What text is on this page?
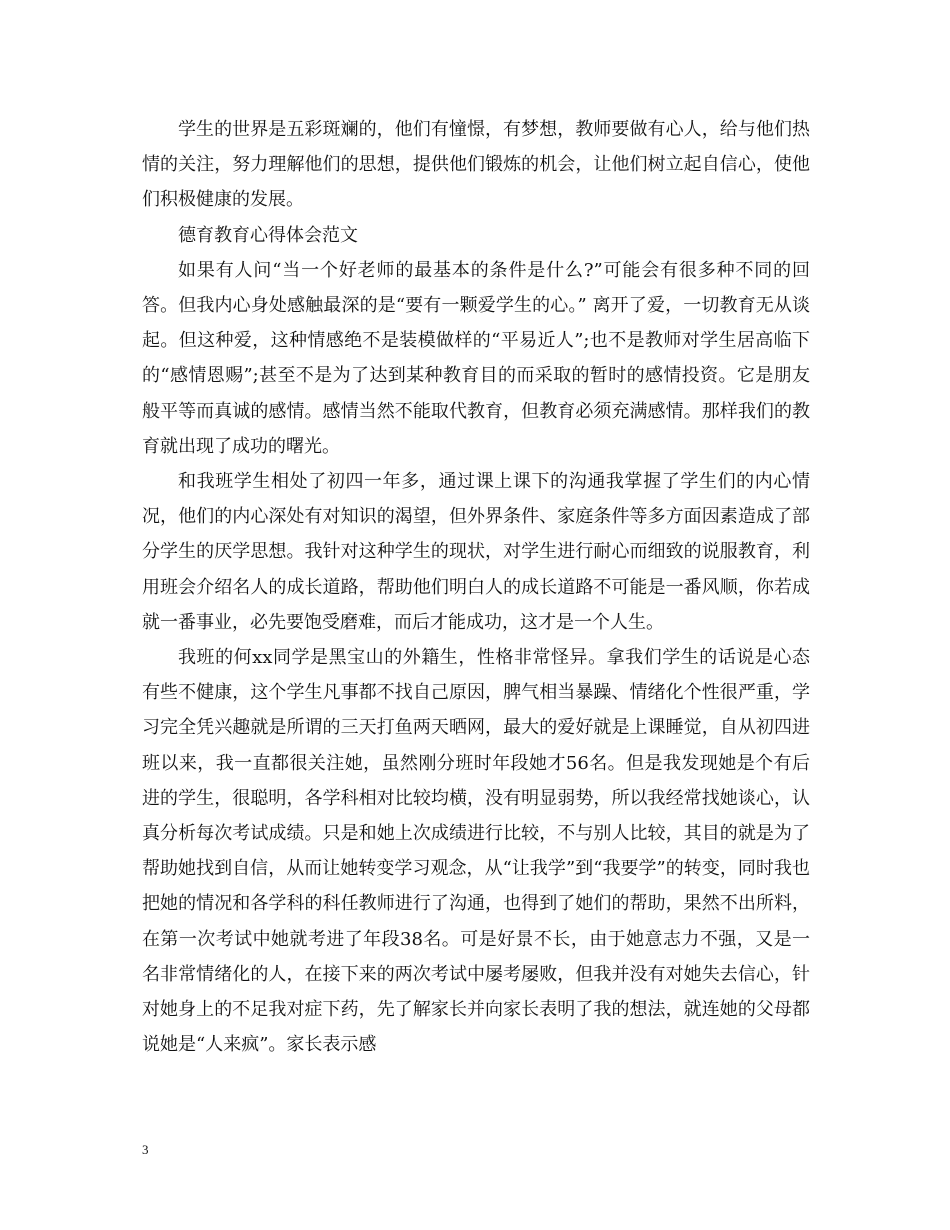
学生的世界是五彩斑斓的，他们有憧憬，有梦想，教师要做有心人，给与他们热情的关注，努力理解他们的思想，提供他们锻炼的机会，让他们树立起自信心，使他们积极健康的发展。

德育教育心得体会范文

如果有人问“当一个好老师的最基本的条件是什么?”可能会有很多种不同的回答。但我内心身处感触最深的是“要有一颗爱学生的心。” 离开了爱，一切教育无从谈起。但这种爱，这种情感绝不是装模做样的“平易近人”;也不是教师对学生居高临下的“感情恩赐”;甚至不是为了达到某种教育目的而采取的暂时的感情投资。它是朋友般平等而真诚的感情。感情当然不能取代教育，但教育必须充满感情。那样我们的教育就出现了成功的曙光。

和我班学生相处了初四一年多，通过课上课下的沟通我掌握了学生们的内心情况，他们的内心深处有对知识的渴望，但外界条件、家庭条件等多方面因素造成了部分学生的厌学思想。我针对这种学生的现状，对学生进行耐心而细致的说服教育，利用班会介绍名人的成长道路，帮助他们明白人的成长道路不可能是一番风顺，你若成就一番事业，必先要饱受磨难，而后才能成功，这才是一个人生。

我班的何xx同学是黑宝山的外籍生，性格非常怪异。拿我们学生的话说是心态有些不健康，这个学生凡事都不找自己原因，脾气相当暴躁、情绪化个性很严重，学习完全凭兴趣就是所谓的三天打鱼两天晒网，最大的爱好就是上课睡觉，自从初四进班以来，我一直都很关注她，虽然刚分班时年段她才56名。但是我发现她是个有后进的学生，很聪明，各学科相对比较均横，没有明显弱势，所以我经常找她谈心，认真分析每次考试成绩。只是和她上次成绩进行比较，不与别人比较，其目的就是为了帮助她找到自信，从而让她转变学习观念，从“让我学”到“我要学”的转变，同时我也把她的情况和各学科的科任教师进行了沟通，也得到了她们的帮助，果然不出所料，在第一次考试中她就考进了年段38名。可是好景不长，由于她意志力不强，又是一名非常情绪化的人，在接下来的两次考试中屡考屡败，但我并没有对她失去信心，针对她身上的不足我对症下药，先了解家长并向家长表明了我的想法，就连她的父母都说她是“人来疯”。家长表示感

3
